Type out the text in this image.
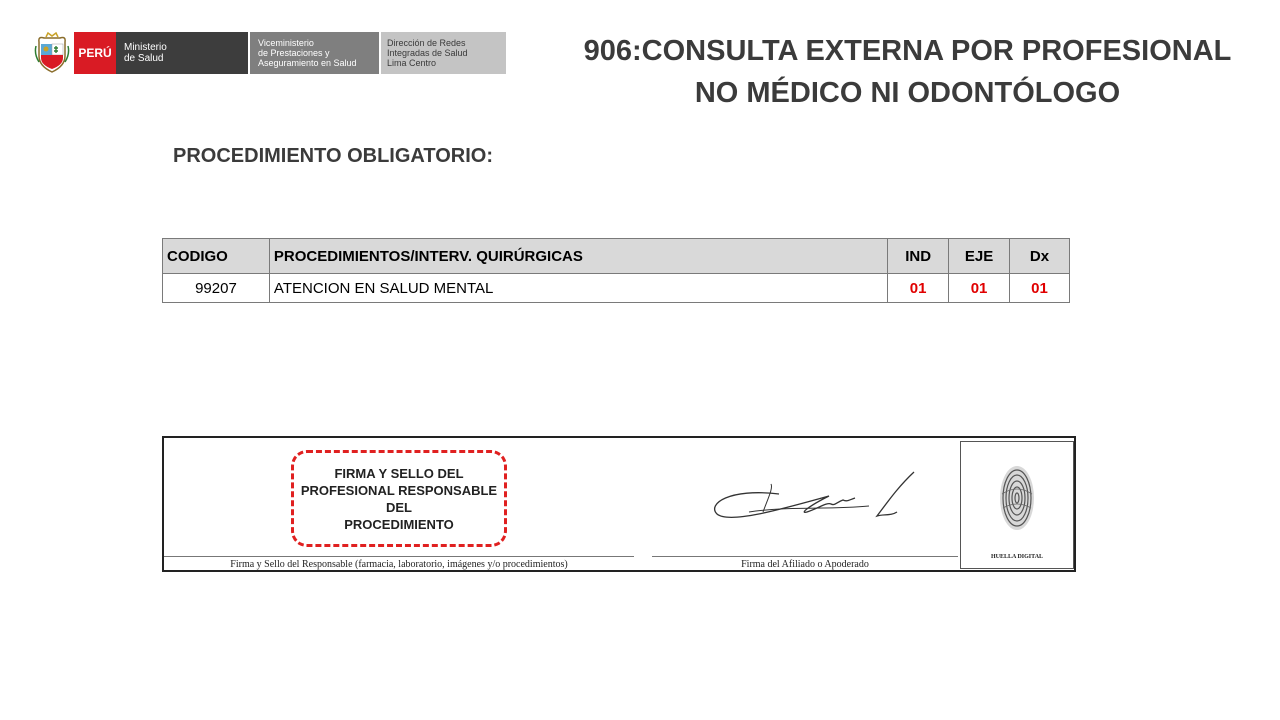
PERÚ	Ministerio
de Salud
Viceministerio
de Prestaciones y
Aseguramiento en Salud
Dirección de Redes
Integradas de Salud
Lima Centro	906:CONSULTA EXTERNA POR PROFESIONAL
NO MÉDICO NI ODONTÓLOGO
PROCEDIMIENTO OBLIGATORIO:
CODIGO	PROCEDIMIENTOS/INTERV. QUIRÚRGICAS	IND	EJE	Dx
99207	ATENCION EN SALUD MENTAL	01	01	01
FIRMA Y SELLO DEL
PROFESIONAL RESPONSABLE DEL
PROCEDIMIENTO
Firma y Sello del Responsable (farmacia, laboratorio, imágenes y/o procedimientos)	Firma del Afiliado o Apoderado
HUELLA DIGITAL
